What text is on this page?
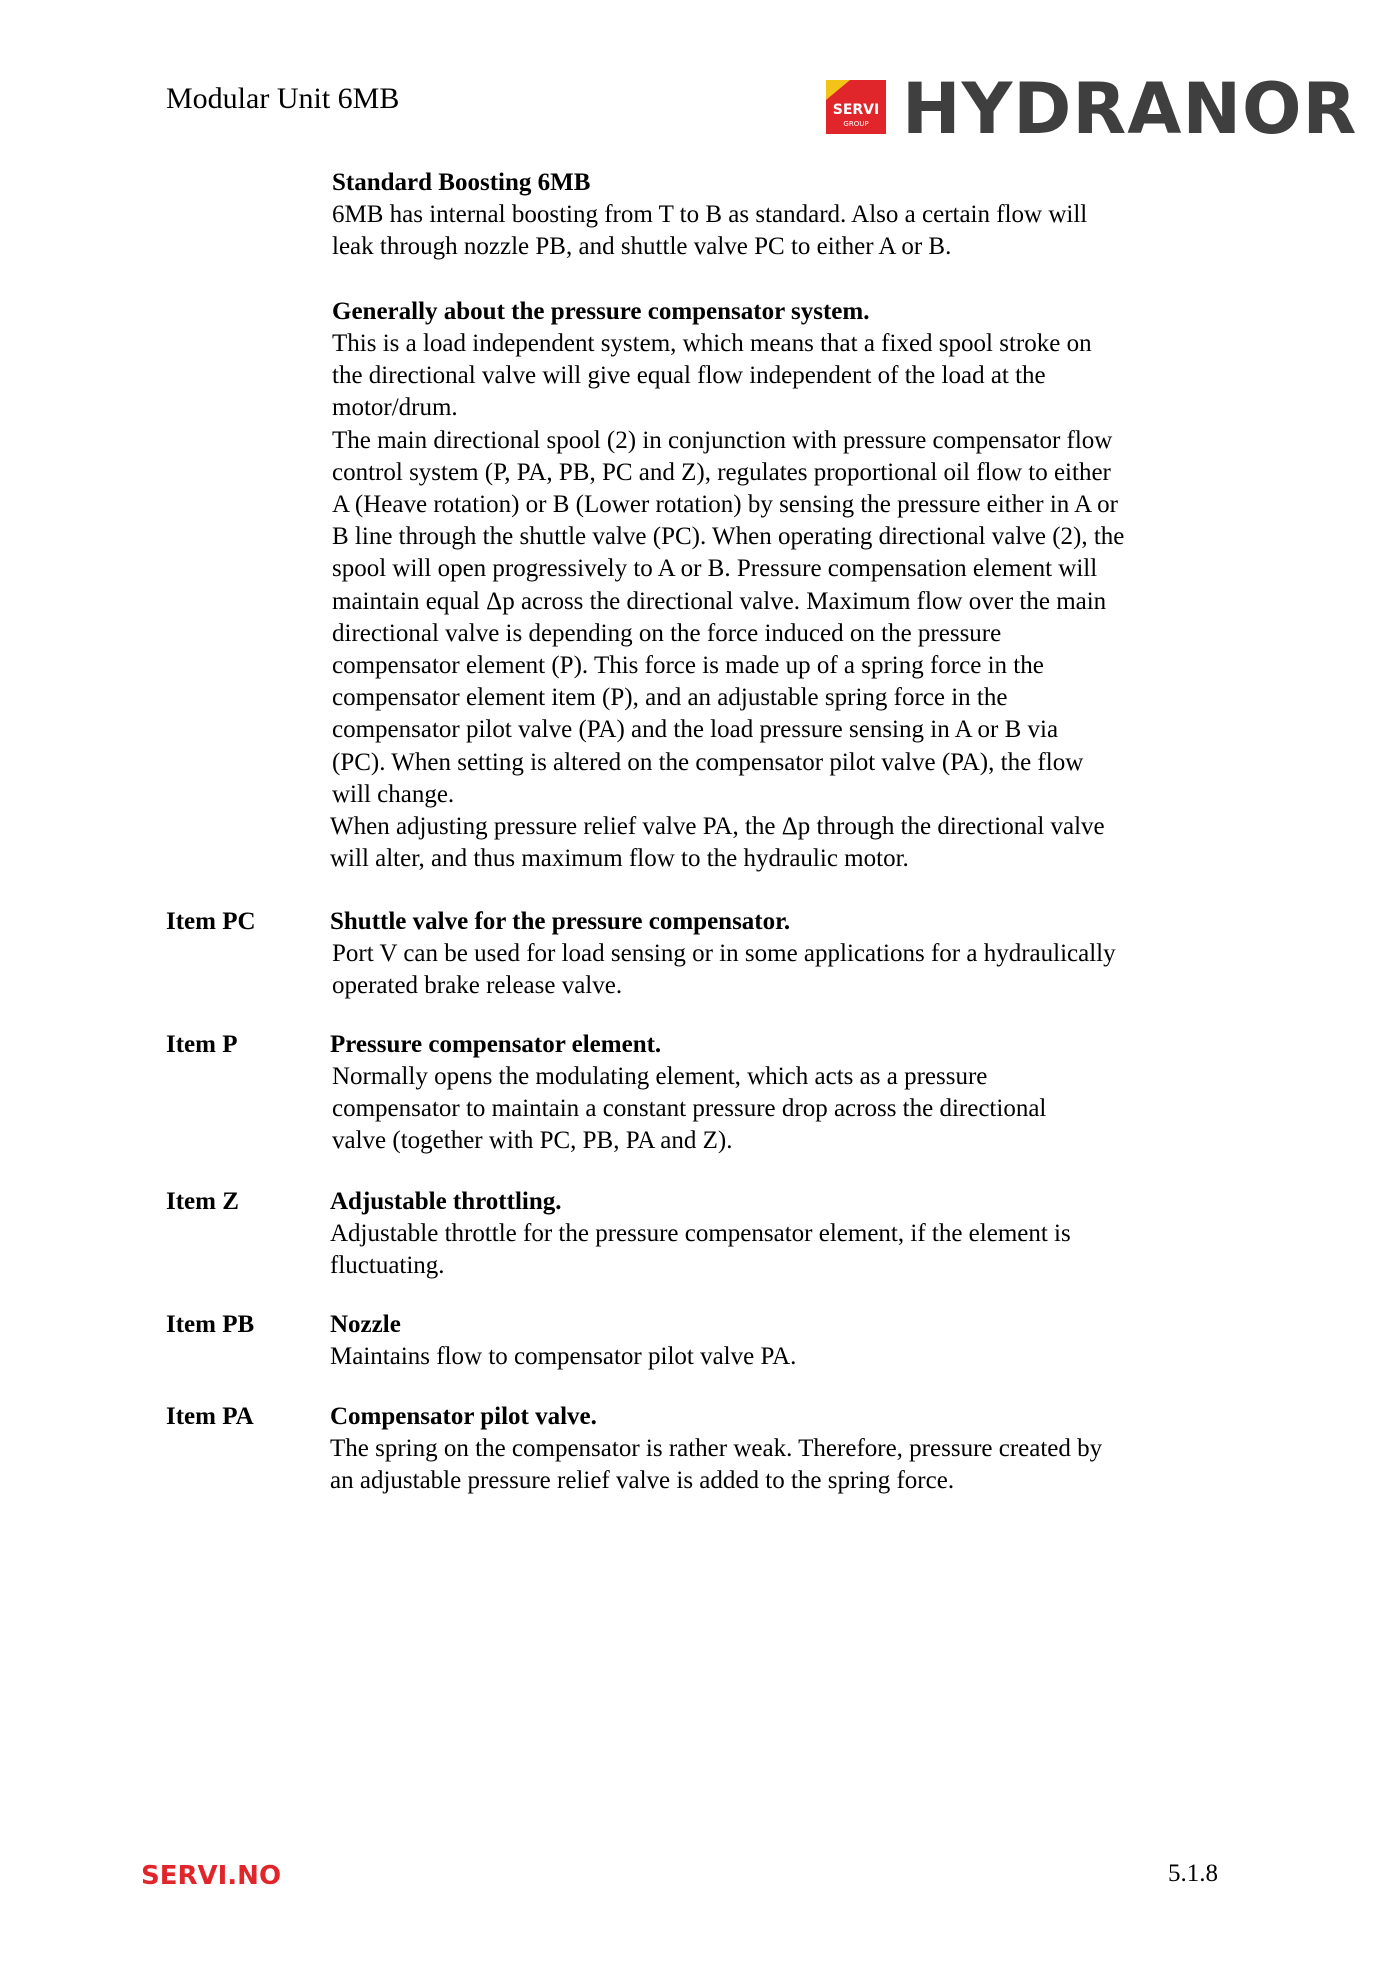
Modular Unit 6MB	SERVI
GROUP HYDRANOR
Standard Boosting 6MB
6MB has internal boosting from T to B as standard. Also a certain flow will
leak through nozzle PB, and shuttle valve PC to either A or B.
Generally about the pressure compensator system.
This is a load independent system, which means that a fixed spool stroke on
the directional valve will give equal flow independent of the load at the
motor/drum.
The main directional spool (2) in conjunction with pressure compensator flow
control system (P, PA, PB, PC and Z), regulates proportional oil flow to either
A (Heave rotation) or B (Lower rotation) by sensing the pressure either in A or
B line through the shuttle valve (PC). When operating directional valve (2), the
spool will open progressively to A or B. Pressure compensation element will
maintain equal Δp across the directional valve. Maximum flow over the main
directional valve is depending on the force induced on the pressure
compensator element (P). This force is made up of a spring force in the
compensator element item (P), and an adjustable spring force in the
compensator pilot valve (PA) and the load pressure sensing in A or B via
(PC). When setting is altered on the compensator pilot valve (PA), the flow
will change.
When adjusting pressure relief valve PA, the Δp through the directional valve
will alter, and thus maximum flow to the hydraulic motor.
Item PC	Shuttle valve for the pressure compensator.
Port V can be used for load sensing or in some applications for a hydraulically
operated brake release valve.
Item P	Pressure compensator element.
Normally opens the modulating element, which acts as a pressure
compensator to maintain a constant pressure drop across the directional
valve (together with PC, PB, PA and Z).
Item Z	Adjustable throttling.
Adjustable throttle for the pressure compensator element, if the element is
fluctuating.
Item PB	Nozzle
Maintains flow to compensator pilot valve PA.
Item PA	Compensator pilot valve.
The spring on the compensator is rather weak. Therefore, pressure created by
an adjustable pressure relief valve is added to the spring force.
SERVI.NO	5.1.8
